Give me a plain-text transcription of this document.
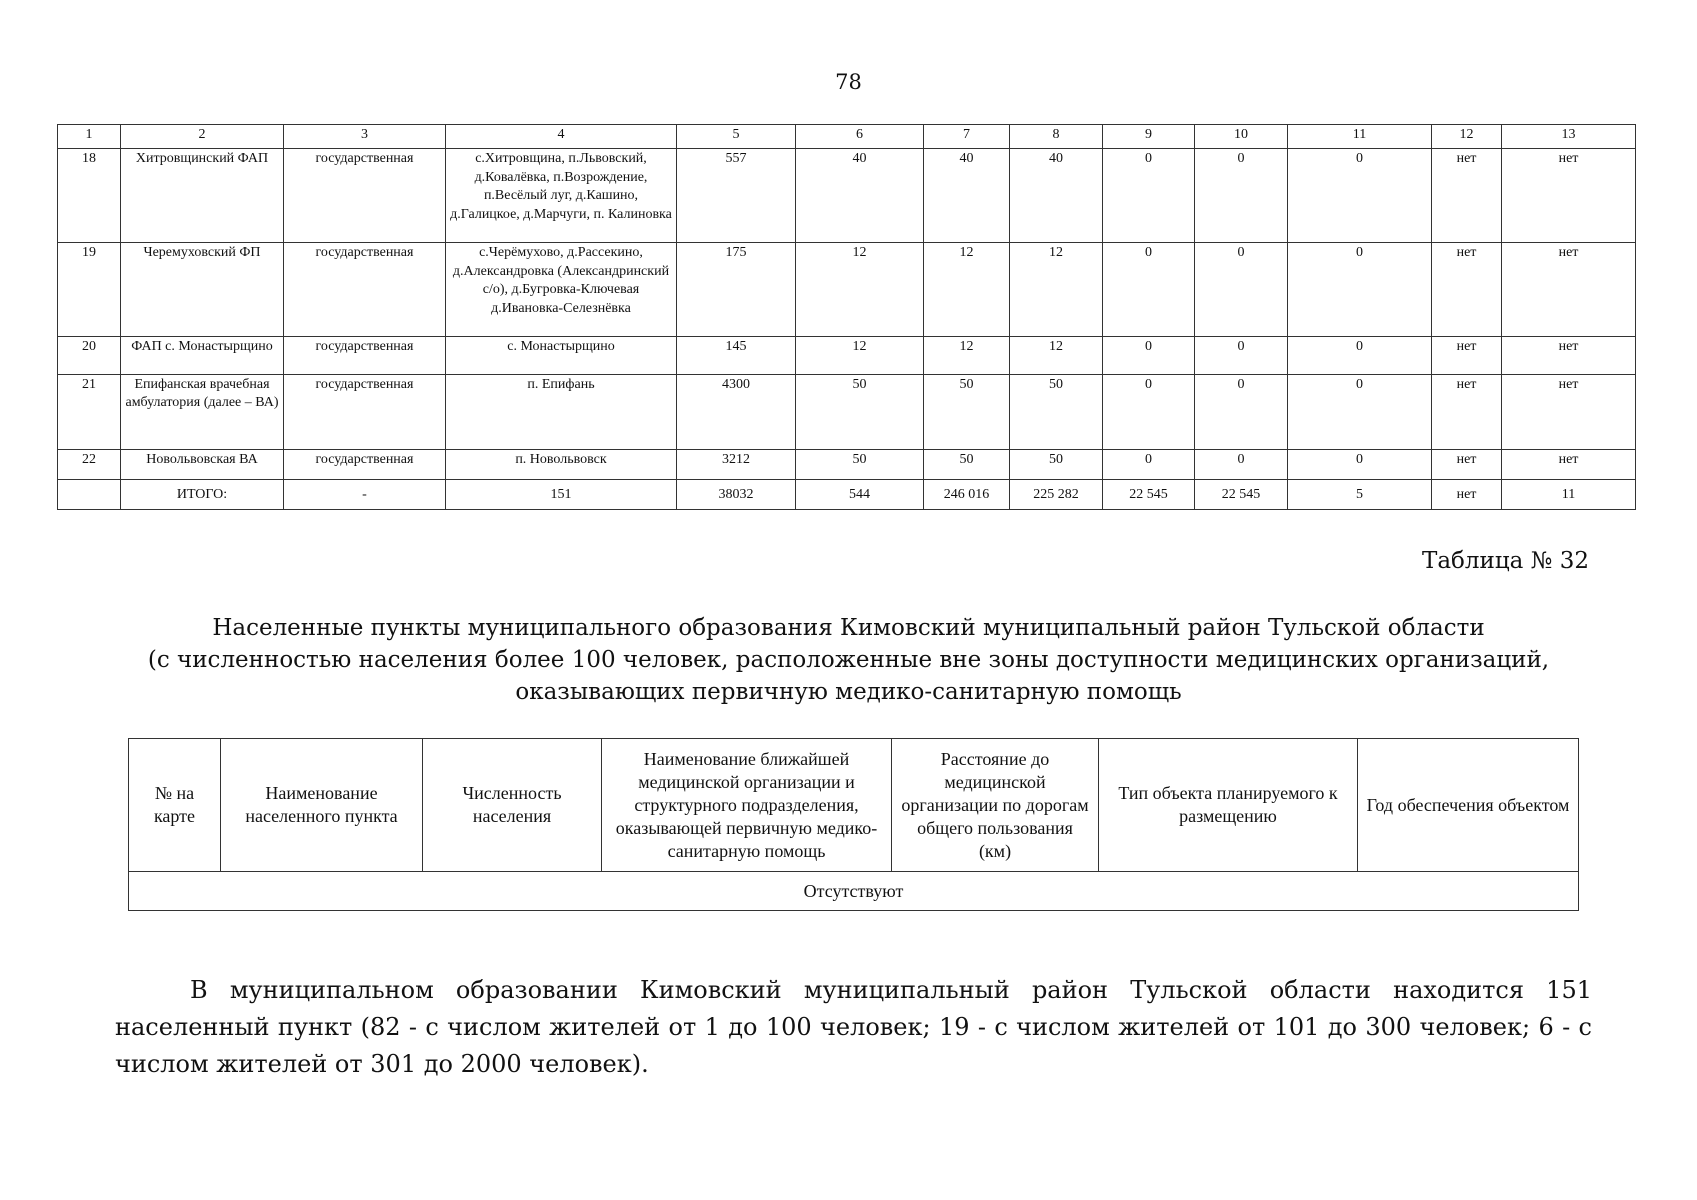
78
1	2	3	4	5	6	7	8	9	10	11	12	13
18	Хитровщинский ФАП	государственная	с.Хитровщина, п.Львовский, д.Ковалёвка, п.Возрождение, п.Весёлый луг, д.Кашино, д.Галицкое, д.Марчуги, п. Калиновка	557	40	40	40	0	0	0	нет	нет
19	Черемуховский ФП	государственная	с.Черёмухово, д.Рассекино, д.Александровка (Александринский с/о), д.Бугровка-Ключевая д.Ивановка-Селезнёвка	175	12	12	12	0	0	0	нет	нет
20	ФАП с. Монастырщино	государственная	с. Монастырщино	145	12	12	12	0	0	0	нет	нет
21	Епифанская врачебная амбулатория (далее – ВА)	государственная	п. Епифань	4300	50	50	50	0	0	0	нет	нет
22	Новольвовская ВА	государственная	п. Новольвовск	3212	50	50	50	0	0	0	нет	нет
	ИТОГО:	-	151	38032	544	246 016	225 282	22 545	22 545	5	нет	11
Таблица № 32
Населенные пункты муниципального образования Кимовский муниципальный район Тульской области
(с численностью населения более 100 человек, расположенные вне зоны доступности медицинских организаций,
оказывающих первичную медико-санитарную помощь
№ на карте	Наименование населенного пункта	Численность населения	Наименование ближайшей медицинской организации и структурного подразделения, оказывающей первичную медико-санитарную помощь	Расстояние до медицинской организации по дорогам общего пользования (км)	Тип объекта планируемого к размещению	Год обеспечения объектом
Отсутствуют

В муниципальном образовании Кимовский муниципальный район Тульской области находится 151 населенный пункт (82 - с числом жителей от 1 до 100 человек; 19 - с числом жителей от 101 до 300 человек; 6 - с числом жителей от 301 до 2000 человек).
